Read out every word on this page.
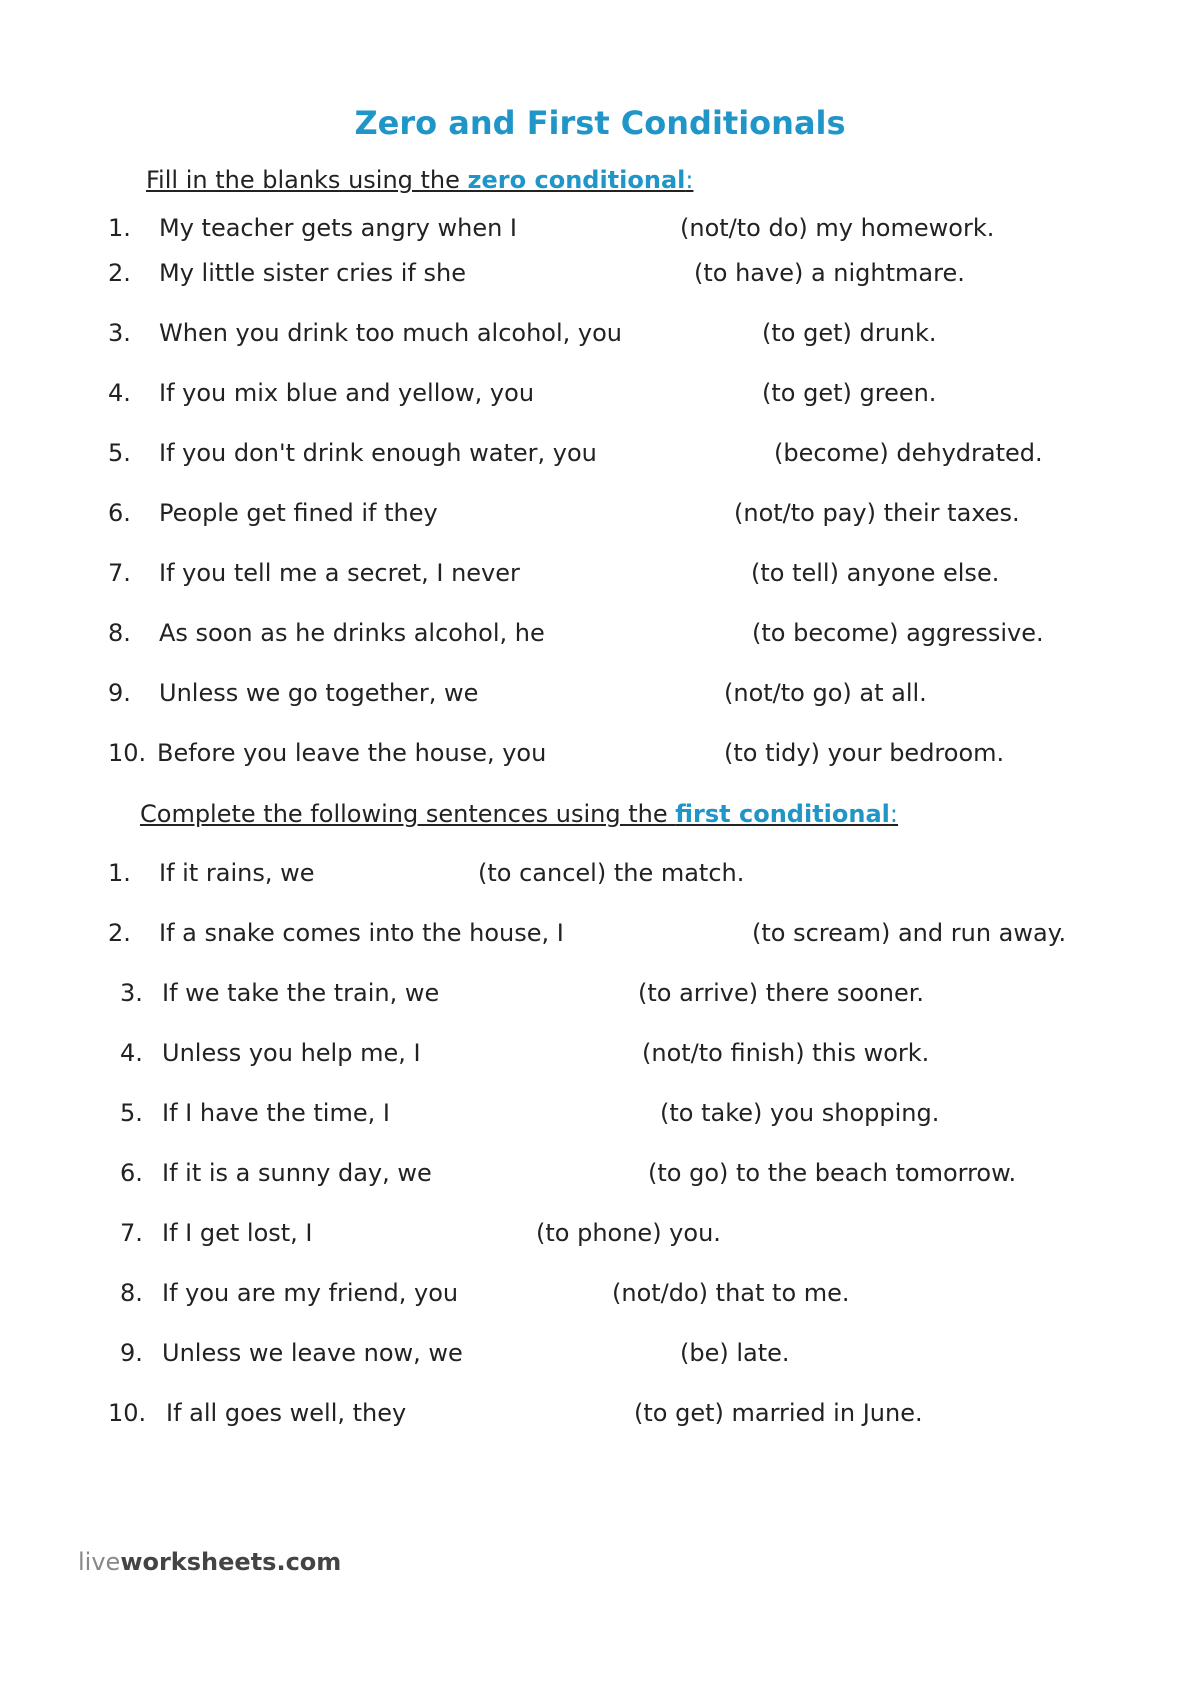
Zero and First Conditionals
Fill in the blanks using the zero conditional:
1. My teacher gets angry when I	(not/to do) my homework.
2. My little sister cries if she	(to have) a nightmare.
3. When you drink too much alcohol, you	(to get) drunk.
4. If you mix blue and yellow, you	(to get) green.
5. If you don't drink enough water, you	(become) dehydrated.
6. People get fined if they	(not/to pay) their taxes.
7. If you tell me a secret, I never	(to tell) anyone else.
8. As soon as he drinks alcohol, he	(to become) aggressive.
9. Unless we go together, we	(not/to go) at all.
10. Before you leave the house, you	(to tidy) your bedroom.
Complete the following sentences using the first conditional:
1. If it rains, we	(to cancel) the match.
2. If a snake comes into the house, I	(to scream) and run away.
3. If we take the train, we	(to arrive) there sooner.
4. Unless you help me, I	(not/to finish) this work.
5. If I have the time, I	(to take) you shopping.
6. If it is a sunny day, we	(to go) to the beach tomorrow.
7. If I get lost, I	(to phone) you.
8. If you are my friend, you	(not/do) that to me.
9. Unless we leave now, we	(be) late.
10. If all goes well, they	(to get) married in June.
liveworksheets.com
